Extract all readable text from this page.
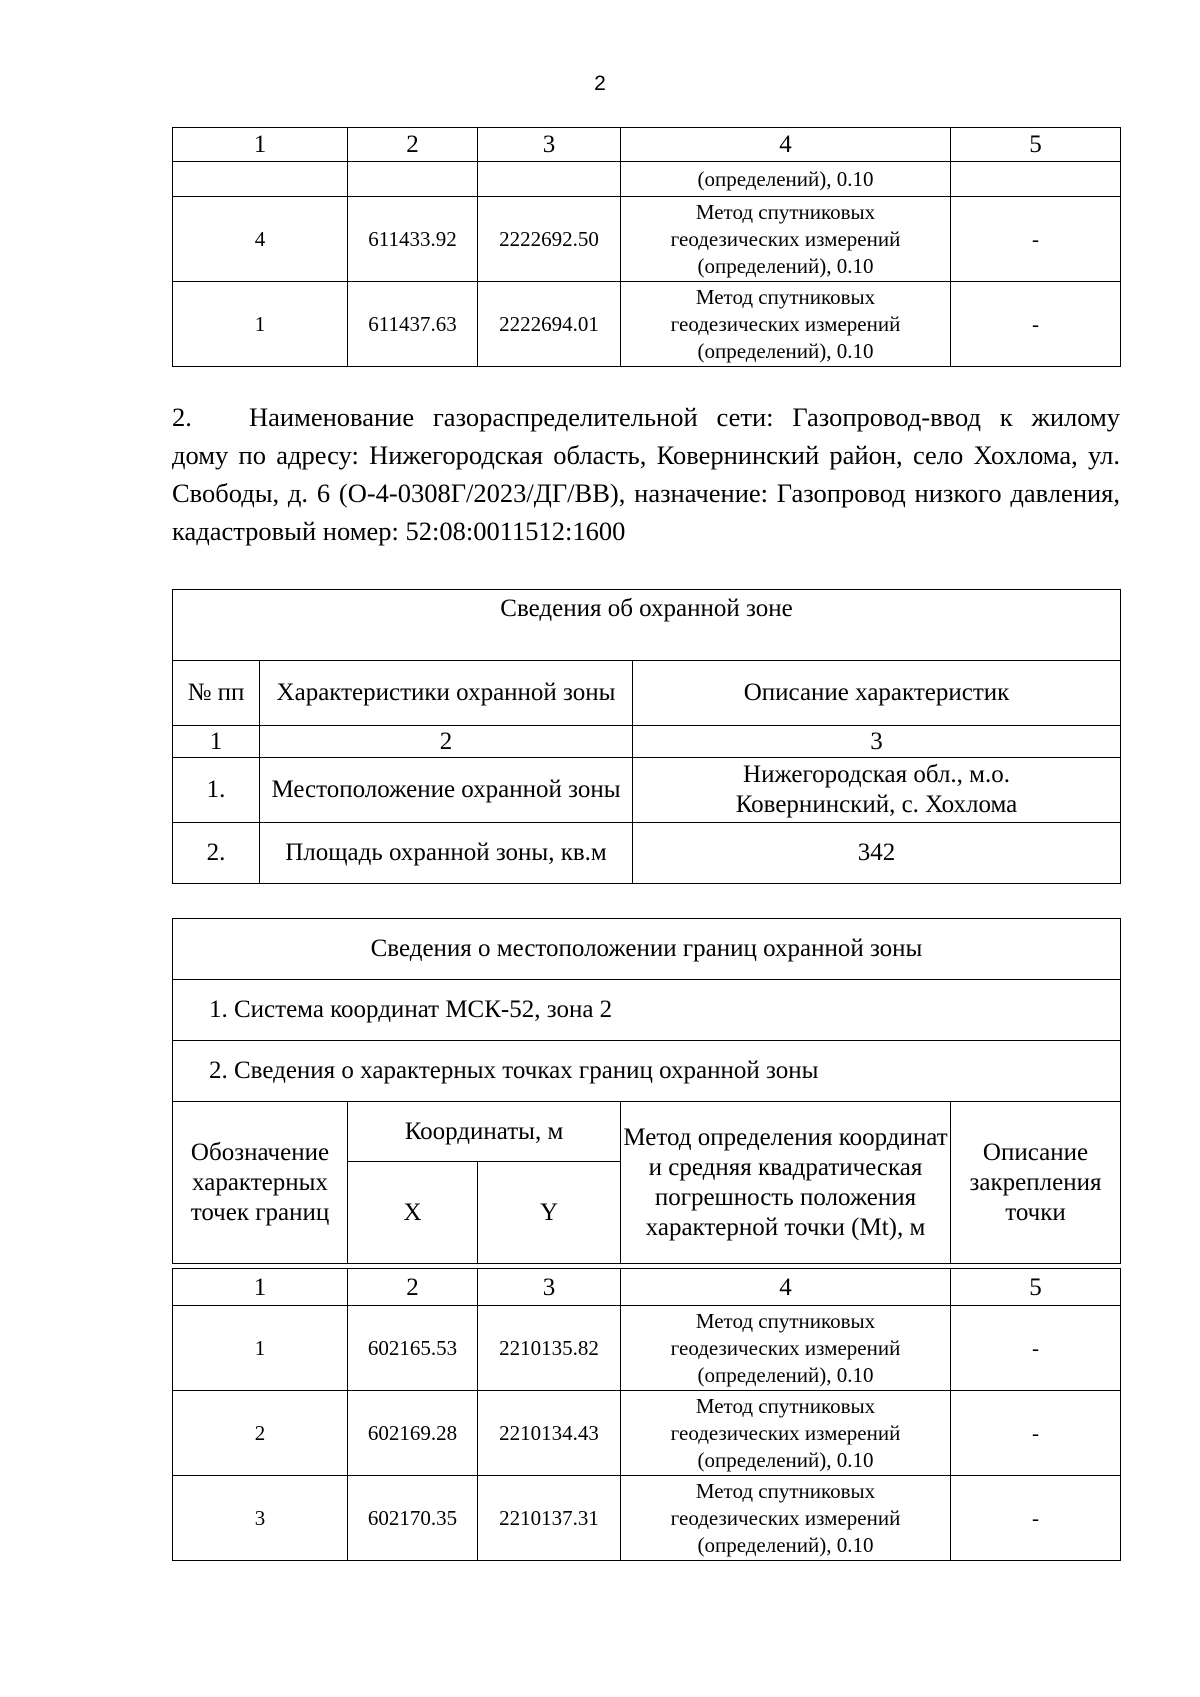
2
1	2	3	4	5
			(определений), 0.10	
4	611433.92	2222692.50	Метод спутниковых
геодезических измерений
(определений), 0.10	-
1	611437.63	2222694.01	Метод спутниковых
геодезических измерений
(определений), 0.10	-
2. Наименование газораспределительной сети: Газопровод-ввод к жилому дому по адресу: Нижегородская область, Ковернинский район, село Хохлома, ул. Свободы, д. 6 (О-4-0308Г/2023/ДГ/ВВ), назначение: Газопровод низкого давления, кадастровый номер: 52:08:0011512:1600
Сведения об охранной зоне		
№ пп	Характеристики охранной зоны	Описание характеристик
1	2	3
1.	Местоположение охранной зоны	Нижегородская обл., м.о.
Ковернинский, с. Хохлома

2.	Площадь охранной зоны, кв.м	342
Сведения о местоположении границ охранной зоны				
1. Система координат МСК-52, зона 2				
2. Сведения о характерных точках границ охранной зоны				
Обозначение характерных точек границ	Координаты, м		Метод определения координат и средняя квадратическая погрешность положения характерной точки (Mt), м	Описание закрепления точки
	X	Y		
1	2	3	4	5
1	602165.53	2210135.82	Метод спутниковых
геодезических измерений
(определений), 0.10	-
2	602169.28	2210134.43	Метод спутниковых
геодезических измерений
(определений), 0.10	-
3	602170.35	2210137.31	Метод спутниковых
геодезических измерений
(определений), 0.10	-
